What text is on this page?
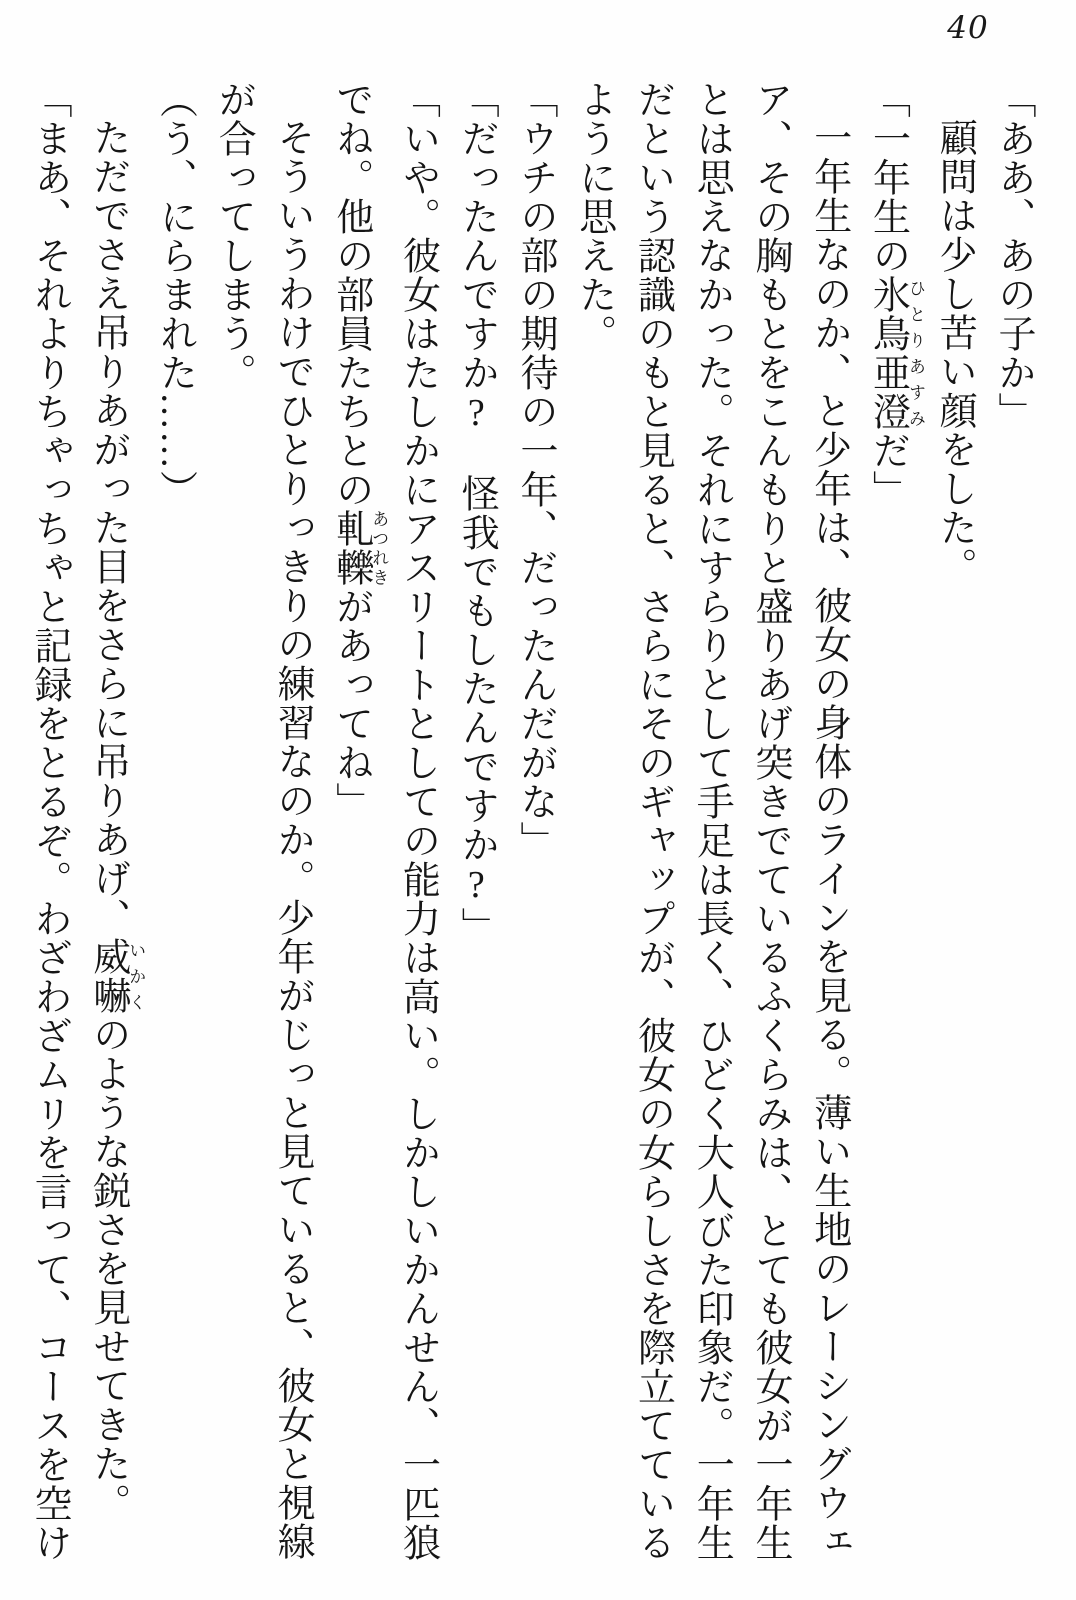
40
「ああ、あの子か」
顧問は少し苦い顔をした。
「一年生の氷鳥ひとり亜澄あすみだ」
一年生なのか、と少年は、彼女の身体のラインを見る。薄い生地のレーシングウェ
ア、その胸もとをこんもりと盛りあげ突きでているふくらみは、とても彼女が一年生
とは思えなかった。それにすらりとして手足は長く、ひどく大人びた印象だ。一年生
だという認識のもと見ると、さらにそのギャップが、彼女の女らしさを際立てている
ように思えた。
「ウチの部の期待の一年、だったんだがな」
「だったんですか?　怪我でもしたんですか?」
「いや。彼女はたしかにアスリートとしての能力は高い。しかしいかんせん、一匹狼
でね。他の部員たちとの軋轢あつれきがあってね」
そういうわけでひとりっきりの練習なのか。少年がじっと見ていると、彼女と視線
が合ってしまう。
（う、にらまれた……）
ただでさえ吊りあがった目をさらに吊りあげ、威嚇いかくのような鋭さを見せてきた。
「まあ、それよりちゃっちゃと記録をとるぞ。わざわざムリを言って、コースを空け
